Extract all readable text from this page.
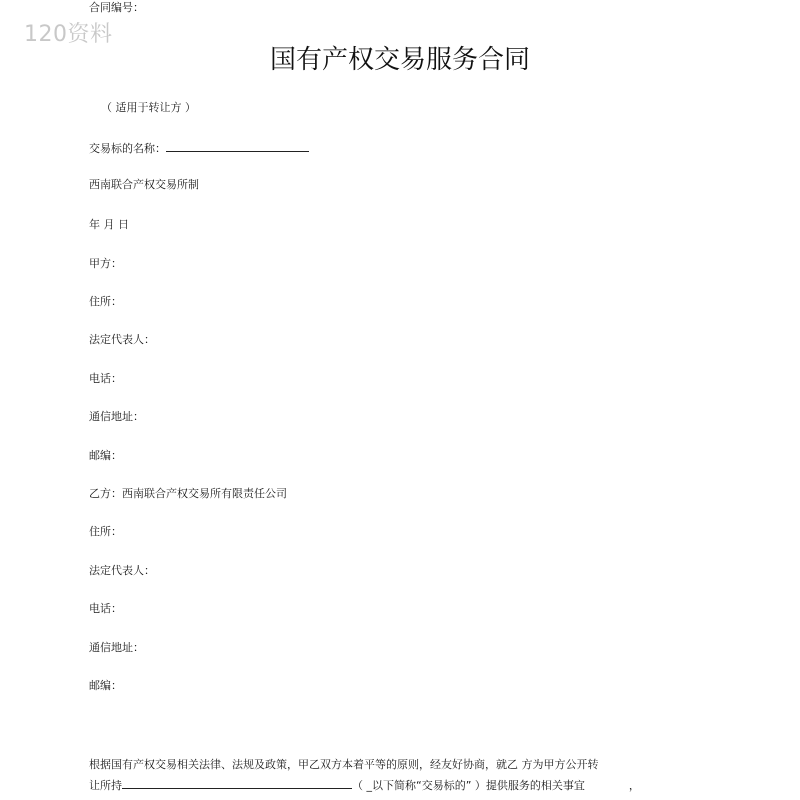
合同编号：
120资料
国有产权交易服务合同
（ 适用于转让方 ）
交易标的名称：
西南联合产权交易所制
年 月 日
甲方：
住所：
法定代表人：
电话：
通信地址：
邮编：
乙方：西南联合产权交易所有限责任公司
住所：
法定代表人：
电话：
通信地址：
邮编：
根据国有产权交易相关法律、法规及政策，甲乙双方本着平等的原则，经友好协商，就乙 方为甲方公开转
让所持	（ _以下简称“交易标的” ）提供服务的相关事宜	，
